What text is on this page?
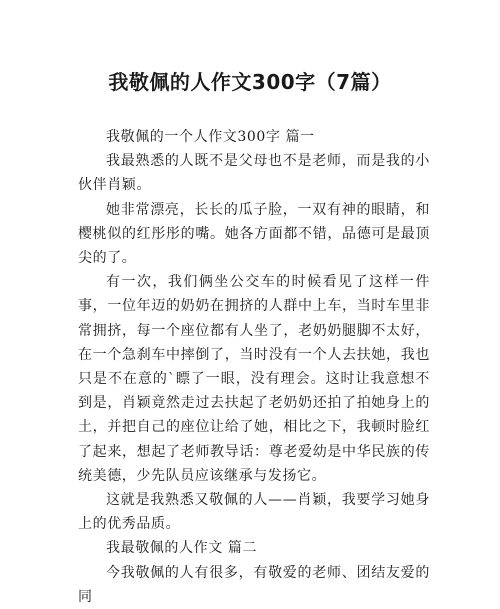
我敬佩的人作文300字（7篇）

我敬佩的一个人作文300字 篇一

我最熟悉的人既不是父母也不是老师，而是我的小伙伴肖颖。

她非常漂亮，长长的瓜子脸，一双有神的眼睛，和樱桃似的红彤彤的嘴。她各方面都不错，品德可是最顶尖的了。

有一次，我们俩坐公交车的时候看见了这样一件事，一位年迈的奶奶在拥挤的人群中上车，当时车里非常拥挤，每一个座位都有人坐了，老奶奶腿脚不太好，在一个急刹车中摔倒了，当时没有一个人去扶她，我也只是不在意的`瞟了一眼，没有理会。这时让我意想不到是，肖颖竟然走过去扶起了老奶奶还拍了拍她身上的土，并把自己的座位让给了她，相比之下，我顿时脸红了起来，想起了老师教导话：尊老爱幼是中华民族的传统美德，少先队员应该继承与发扬它。

这就是我熟悉又敬佩的人——肖颖，我要学习她身上的优秀品质。

我最敬佩的人作文 篇二

今我敬佩的人有很多，有敬爱的老师、团结友爱的同
